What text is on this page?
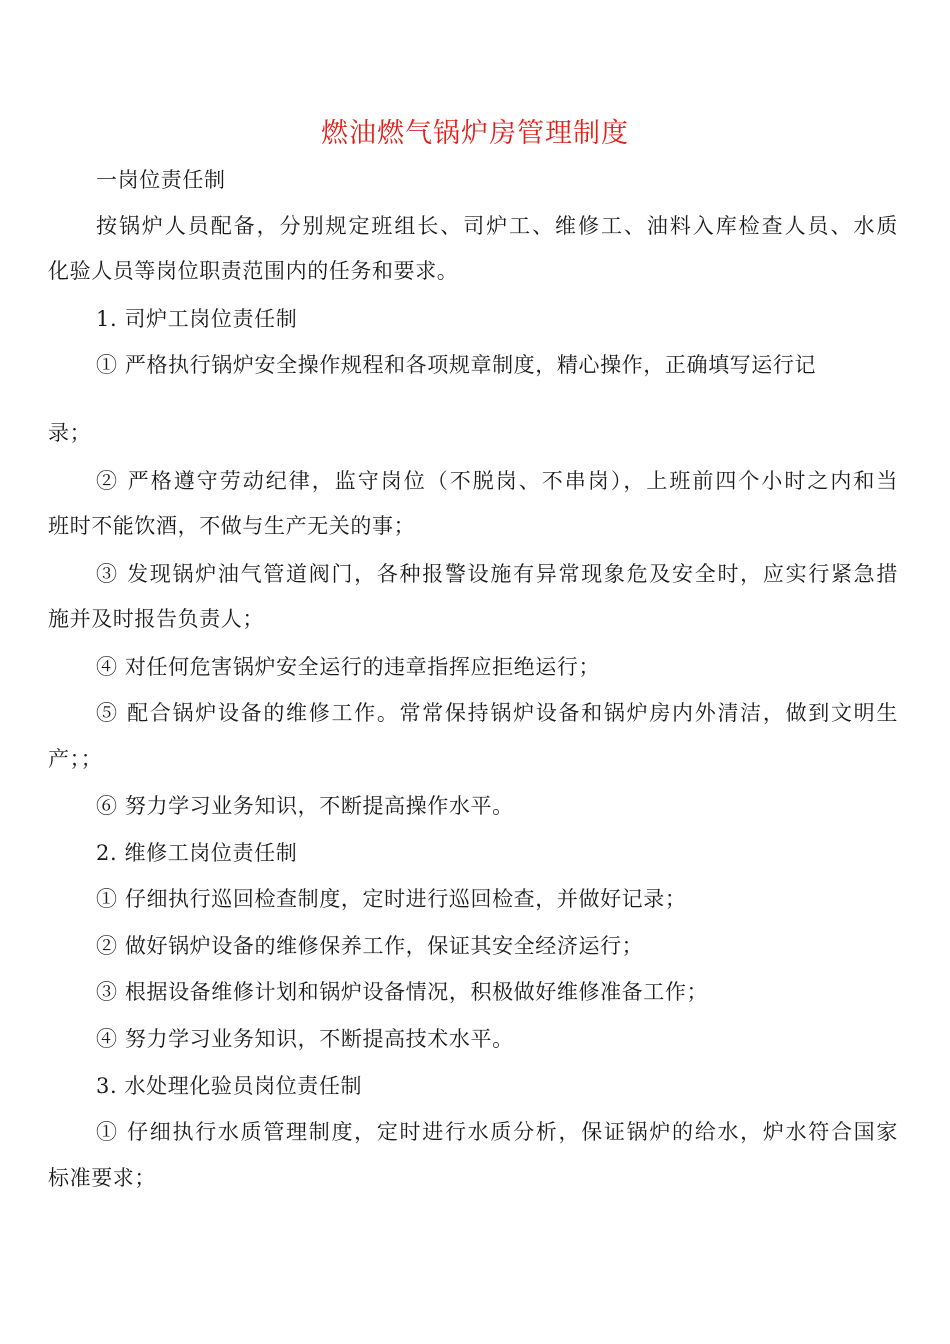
燃油燃气锅炉房管理制度
一岗位责任制
按锅炉人员配备，分别规定班组长、司炉工、维修工、油料入库检查人员、水质
化验人员等岗位职责范围内的任务和要求。
1. 司炉工岗位责任制
① 严格执行锅炉安全操作规程和各项规章制度，精心操作，正确填写运行记
录；
② 严格遵守劳动纪律，监守岗位（不脱岗、不串岗），上班前四个小时之内和当
班时不能饮酒，不做与生产无关的事；
③ 发现锅炉油气管道阀门，各种报警设施有异常现象危及安全时，应实行紧急措
施并及时报告负责人；
④ 对任何危害锅炉安全运行的违章指挥应拒绝运行；
⑤ 配合锅炉设备的维修工作。常常保持锅炉设备和锅炉房内外清洁，做到文明生
产；；
⑥ 努力学习业务知识，不断提高操作水平。
2. 维修工岗位责任制
① 仔细执行巡回检查制度，定时进行巡回检查，并做好记录；
② 做好锅炉设备的维修保养工作，保证其安全经济运行；
③ 根据设备维修计划和锅炉设备情况，积极做好维修准备工作；
④ 努力学习业务知识，不断提高技术水平。
3. 水处理化验员岗位责任制
① 仔细执行水质管理制度，定时进行水质分析，保证锅炉的给水，炉水符合国家
标准要求；
